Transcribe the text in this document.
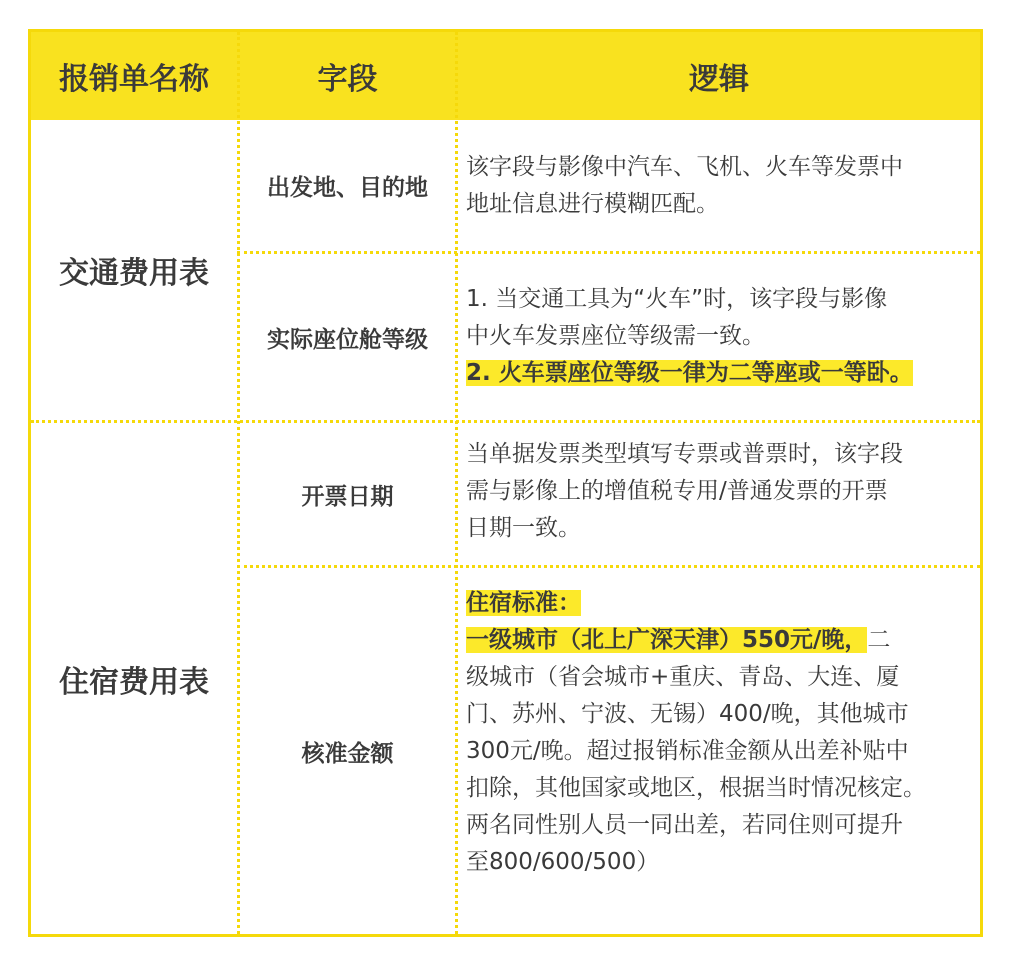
报销单名称	字段	逻辑
交通费用表
住宿费用表
出发地、目的地
实际座位舱等级
开票日期
核准金额
该字段与影像中汽车、飞机、火车等发票中
地址信息进行模糊匹配。
1. 当交通工具为“火车”时，该字段与影像
中火车发票座位等级需一致。
2. 火车票座位等级一律为二等座或一等卧。
当单据发票类型填写专票或普票时，该字段
需与影像上的增值税专用/普通发票的开票
日期一致。
住宿标准：
一级城市（北上广深天津）550元/晚，二
级城市（省会城市+重庆、青岛、大连、厦
门、苏州、宁波、无锡）400/晚，其他城市
300元/晚。超过报销标准金额从出差补贴中
扣除，其他国家或地区，根据当时情况核定。
两名同性别人员一同出差，若同住则可提升
至800/600/500）
